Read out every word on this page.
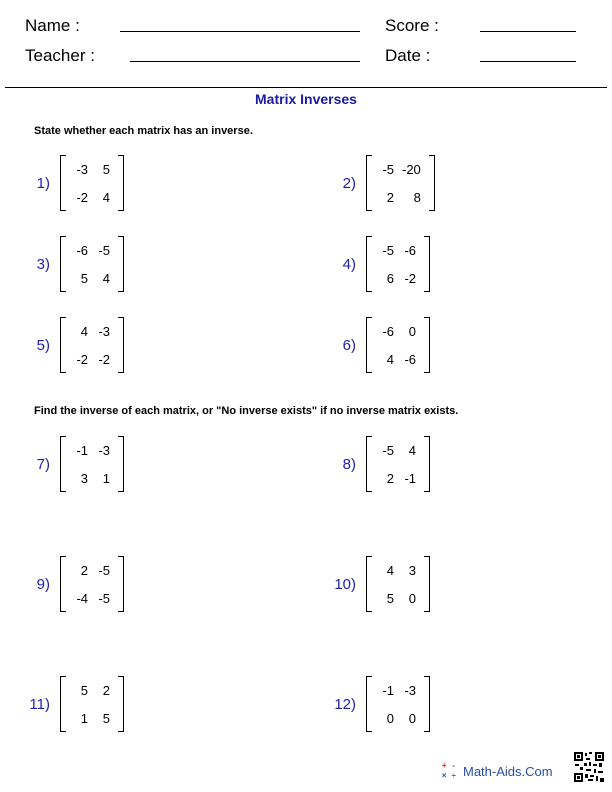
Name :	Score :
Teacher :	Date :
Matrix Inverses
State whether each matrix has an inverse.
Find the inverse of each matrix, or "No inverse exists" if no inverse matrix exists.
1)
-3	5
-2	4
2)
-5 -20
2	8
3)
-6 -5
5	4
4)
-5 -6
6 -2
5)
4 -3
-2 -2
6)
-6	0
4 -6
7)
-1 -3
3	1
8)
-5	4
2 -1
9)
2 -5
-4 -5
10)
4	3
5	0
11)
5	2
1	5
12)
-1 -3
0	0
+ -
× ÷ Math-Aids.Com
